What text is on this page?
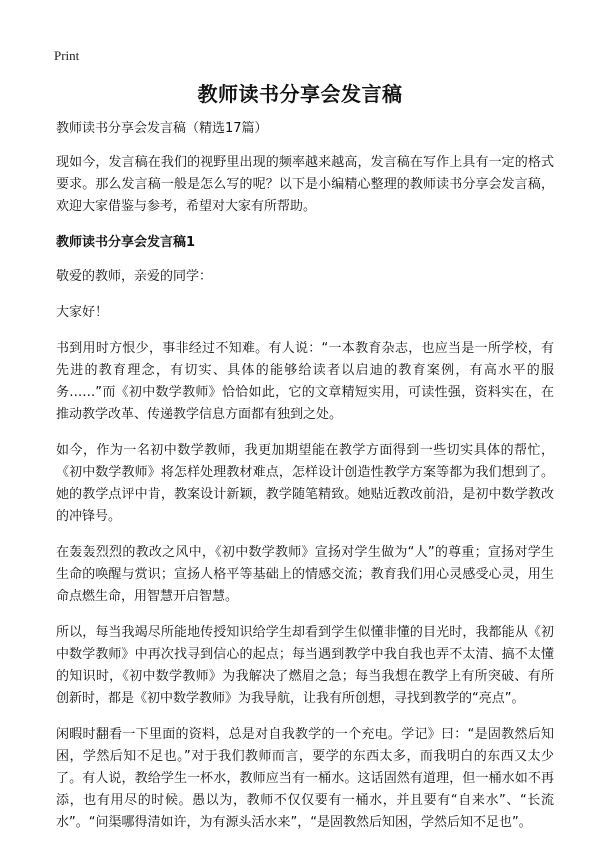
Print
教师读书分享会发言稿

教师读书分享会发言稿（精选17篇）

现如今，发言稿在我们的视野里出现的频率越来越高，发言稿在写作上具有一定的格式要求。那么发言稿一般是怎么写的呢？以下是小编精心整理的教师读书分享会发言稿，欢迎大家借鉴与参考，希望对大家有所帮助。

教师读书分享会发言稿1

敬爱的教师，亲爱的同学：

大家好！

书到用时方恨少，事非经过不知难。有人说：“一本教育杂志，也应当是一所学校，有先进的教育理念，有切实、具体的能够给读者以启迪的教育案例，有高水平的服务……”而《初中数学教师》恰恰如此，它的文章精短实用，可读性强，资料实在，在推动教学改革、传递教学信息方面都有独到之处。

如今，作为一名初中数学教师，我更加期望能在教学方面得到一些切实具体的帮忙，《初中数学教师》将怎样处理教材难点，怎样设计创造性教学方案等都为我们想到了。她的教学点评中肯，教案设计新颖，教学随笔精致。她贴近教改前沿，是初中数学教改的冲锋号。

在轰轰烈烈的教改之风中，《初中数学教师》宣扬对学生做为“人”的尊重；宣扬对学生生命的唤醒与赏识；宣扬人格平等基础上的情感交流；教育我们用心灵感受心灵，用生命点燃生命，用智慧开启智慧。

所以，每当我竭尽所能地传授知识给学生却看到学生似懂非懂的目光时，我都能从《初中数学教师》中再次找寻到信心的起点；每当遇到教学中我自我也弄不太清、搞不太懂的知识时，《初中数学教师》为我解决了燃眉之急；每当我想在教学上有所突破、有所创新时，都是《初中数学教师》为我导航，让我有所创想，寻找到教学的“亮点”。

闲暇时翻看一下里面的资料，总是对自我教学的一个充电。学记》曰：“是固教然后知困，学然后知不足也。”对于我们教师而言，要学的东西太多，而我明白的东西又太少了。有人说，教给学生一杯水，教师应当有一桶水。这话固然有道理，但一桶水如不再添，也有用尽的时候。愚以为，教师不仅仅要有一桶水，并且要有“自来水”、“长流水”。“问渠哪得清如许，为有源头活水来”，“是固教然后知困，学然后知不足也”。
